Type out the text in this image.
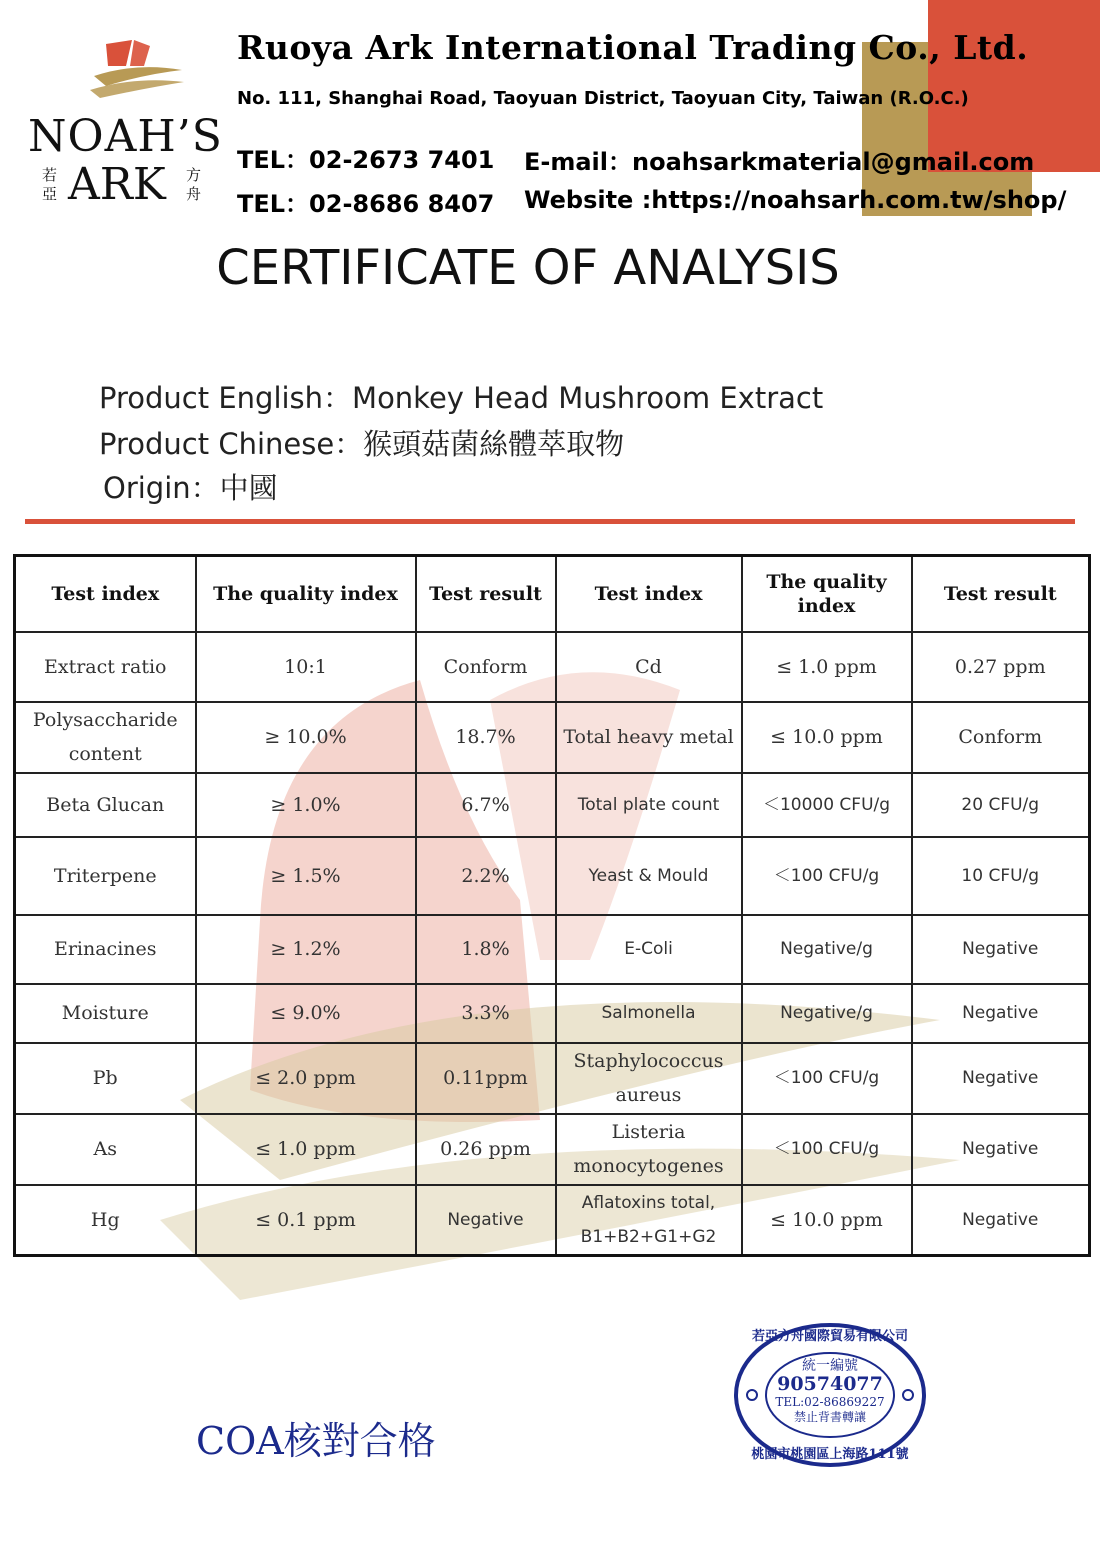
NOAH’S
若亞 ARK 方舟
Ruoya Ark International Trading Co., Ltd.
No. 111, Shanghai Road, Taoyuan District, Taoyuan City, Taiwan (R.O.C.)
TEL：02-2673 7401
TEL：02-8686 8407
E-mail：noahsarkmaterial@gmail.com
Website :https://noahsarh.com.tw/shop/
CERTIFICATE OF ANALYSIS
Product English：Monkey Head Mushroom Extract
Product Chinese：猴頭菇菌絲體萃取物
Origin：中國
Test index	The quality index	Test result	Test index	The quality index	Test result
Extract ratio	10:1	Conform	Cd	≤ 1.0 ppm	0.27 ppm
Polysaccharide content	≥ 10.0%	18.7%	Total heavy metal	≤ 10.0 ppm	Conform
Beta Glucan	≥ 1.0%	6.7%	Total plate count	＜10000 CFU/g	20 CFU/g
Triterpene	≥ 1.5%	2.2%	Yeast & Mould	＜100 CFU/g	10 CFU/g
Erinacines	≥ 1.2%	1.8%	E-Coli	Negative/g	Negative
Moisture	≤ 9.0%	3.3%	Salmonella	Negative/g	Negative
Pb	≤ 2.0 ppm	0.11ppm	Staphylococcus aureus	＜100 CFU/g	Negative
As	≤ 1.0 ppm	0.26 ppm	Listeria monocytogenes	＜100 CFU/g	Negative
Hg	≤ 0.1 ppm	Negative	Aflatoxins total, B1+B2+G1+G2	≤ 10.0 ppm	Negative
COA核對合格
若亞方舟國際貿易有限公司
統一編號
90574077
TEL:02-86869227
禁止背書轉讓
桃園市桃園區上海路111號
